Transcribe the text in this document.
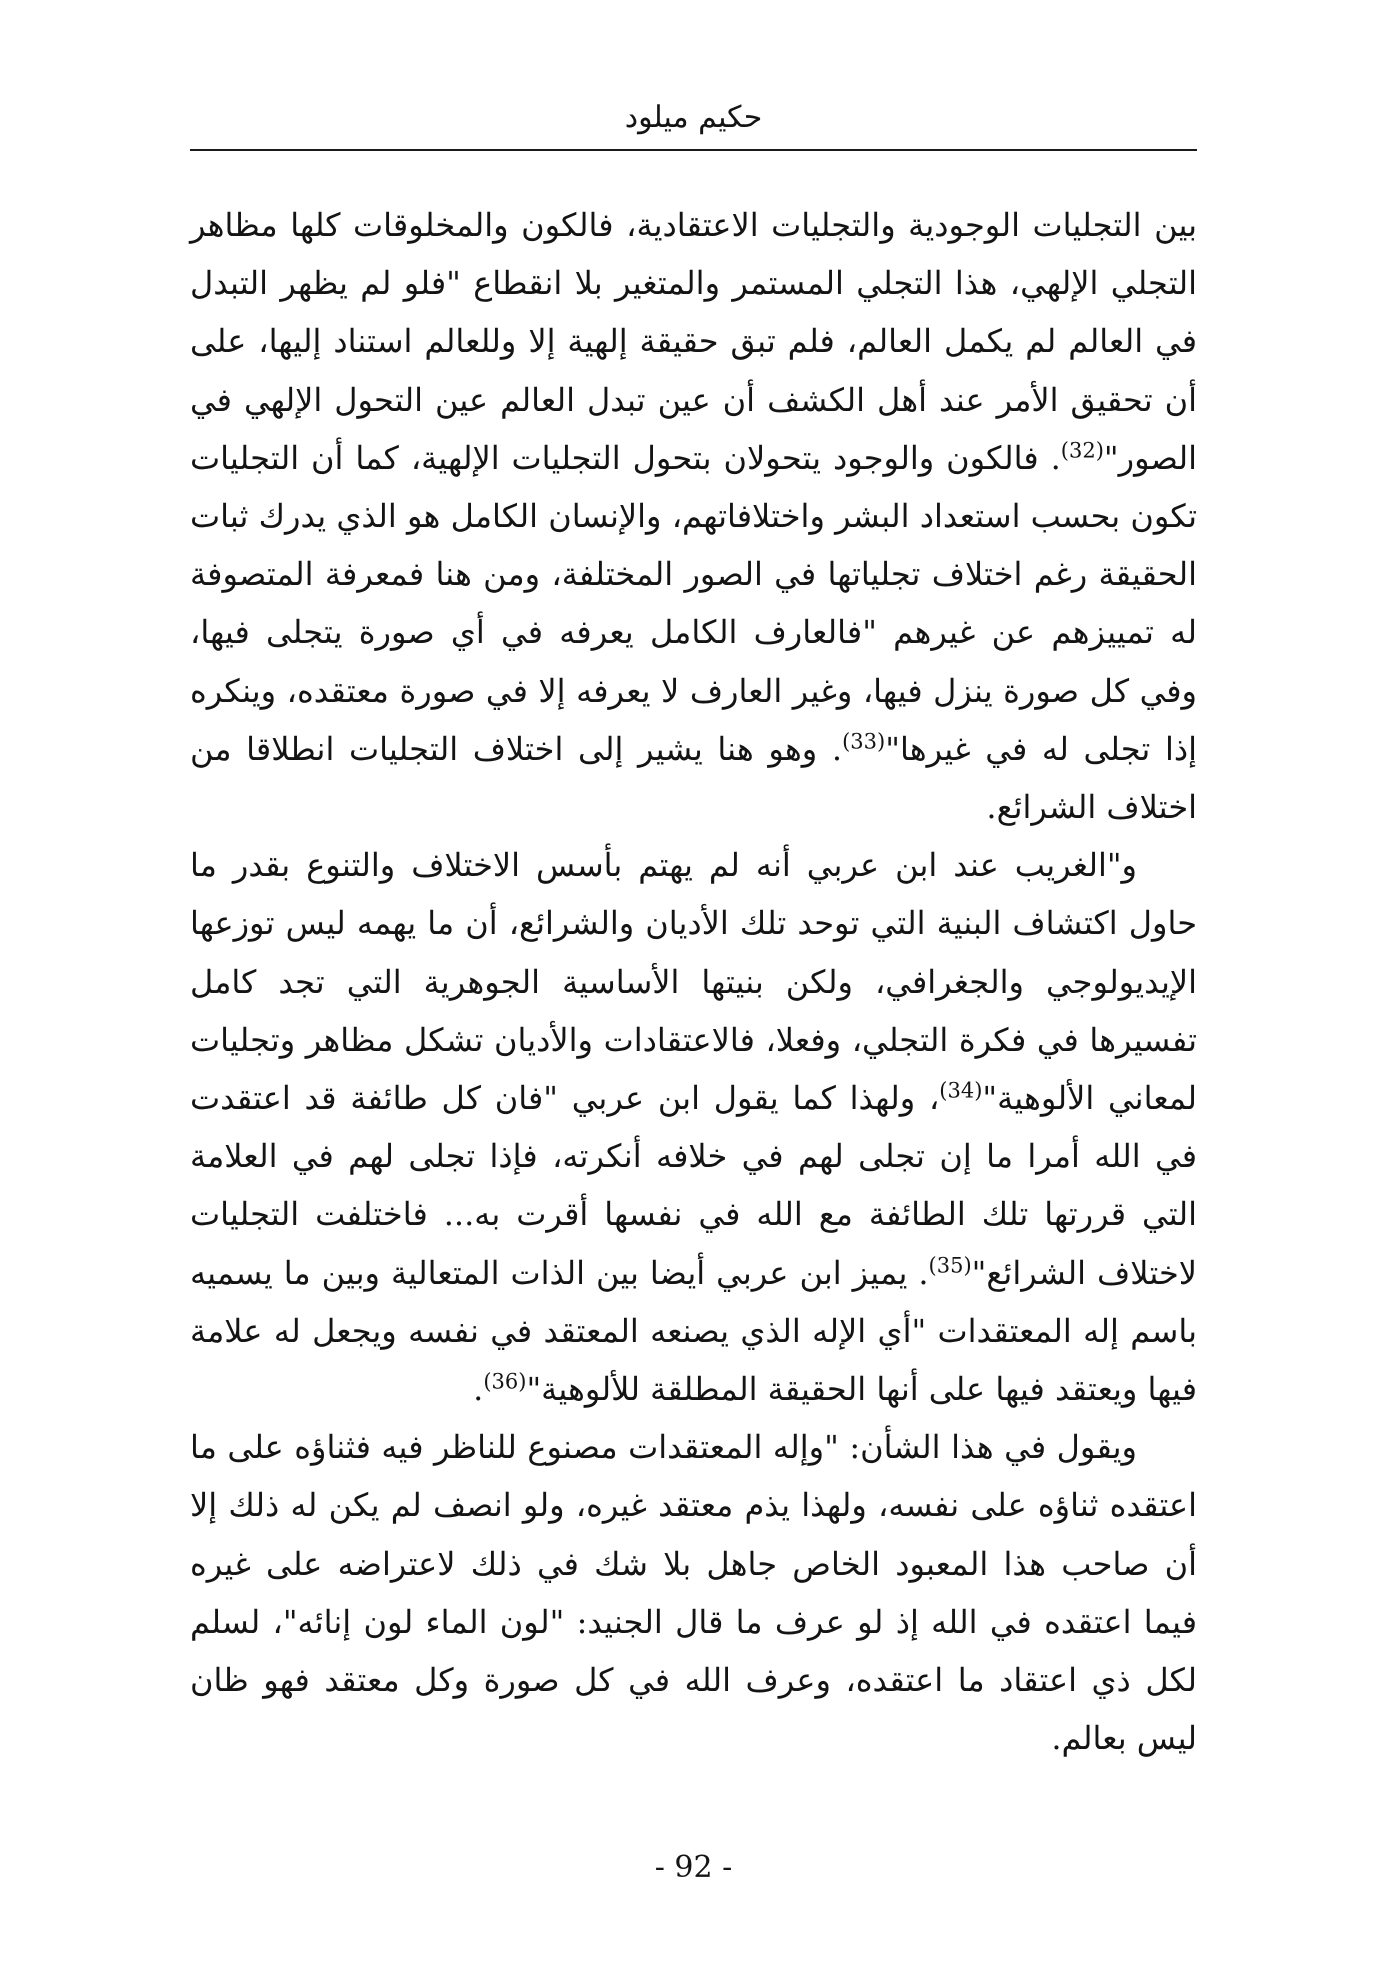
حكيم ميلود

بين التجليات الوجودية والتجليات الاعتقادية، فالكون والمخلوقات كلها مظاهر التجلي الإلهي، هذا التجلي المستمر والمتغير بلا انقطاع "فلو لم يظهر التبدل في العالم لم يكمل العالم، فلم تبق حقيقة إلهية إلا وللعالم استناد إليها، على أن تحقيق الأمر عند أهل الكشف أن عين تبدل العالم عين التحول الإلهي في الصور"$^{(32)}$. فالكون والوجود يتحولان بتحول التجليات الإلهية، كما أن التجليات تكون بحسب استعداد البشر واختلافاتهم، والإنسان الكامل هو الذي يدرك ثبات الحقيقة رغم اختلاف تجلياتها في الصور المختلفة، ومن هنا فمعرفة المتصوفة له تمييزهم عن غيرهم "فالعارف الكامل يعرفه في أي صورة يتجلى فيها، وفي كل صورة ينزل فيها، وغير العارف لا يعرفه إلا في صورة معتقده، وينكره إذا تجلى له في غيرها"$^{(33)}$. وهو هنا يشير إلى اختلاف التجليات انطلاقا من اختلاف الشرائع.

و"الغريب عند ابن عربي أنه لم يهتم بأسس الاختلاف والتنوع بقدر ما حاول اكتشاف البنية التي توحد تلك الأديان والشرائع، أن ما يهمه ليس توزعها الإيديولوجي والجغرافي، ولكن بنيتها الأساسية الجوهرية التي تجد كامل تفسيرها في فكرة التجلي، وفعلا، فالاعتقادات والأديان تشكل مظاهر وتجليات لمعاني الألوهية"$^{(34)}$، ولهذا كما يقول ابن عربي "فان كل طائفة قد اعتقدت في الله أمرا ما إن تجلى لهم في خلافه أنكرته، فإذا تجلى لهم في العلامة التي قررتها تلك الطائفة مع الله في نفسها أقرت به... فاختلفت التجليات لاختلاف الشرائع"$^{(35)}$. يميز ابن عربي أيضا بين الذات المتعالية وبين ما يسميه باسم إله المعتقدات "أي الإله الذي يصنعه المعتقد في نفسه ويجعل له علامة فيها ويعتقد فيها على أنها الحقيقة المطلقة للألوهية"$^{(36)}$.

ويقول في هذا الشأن: "وإله المعتقدات مصنوع للناظر فيه فثناؤه على ما اعتقده ثناؤه على نفسه، ولهذا يذم معتقد غيره، ولو انصف لم يكن له ذلك إلا أن صاحب هذا المعبود الخاص جاهل بلا شك في ذلك لاعتراضه على غيره فيما اعتقده في الله إذ لو عرف ما قال الجنيد: "لون الماء لون إنائه"، لسلم لكل ذي اعتقاد ما اعتقده، وعرف الله في كل صورة وكل معتقد فهو ظان ليس بعالم.

- 92 -
